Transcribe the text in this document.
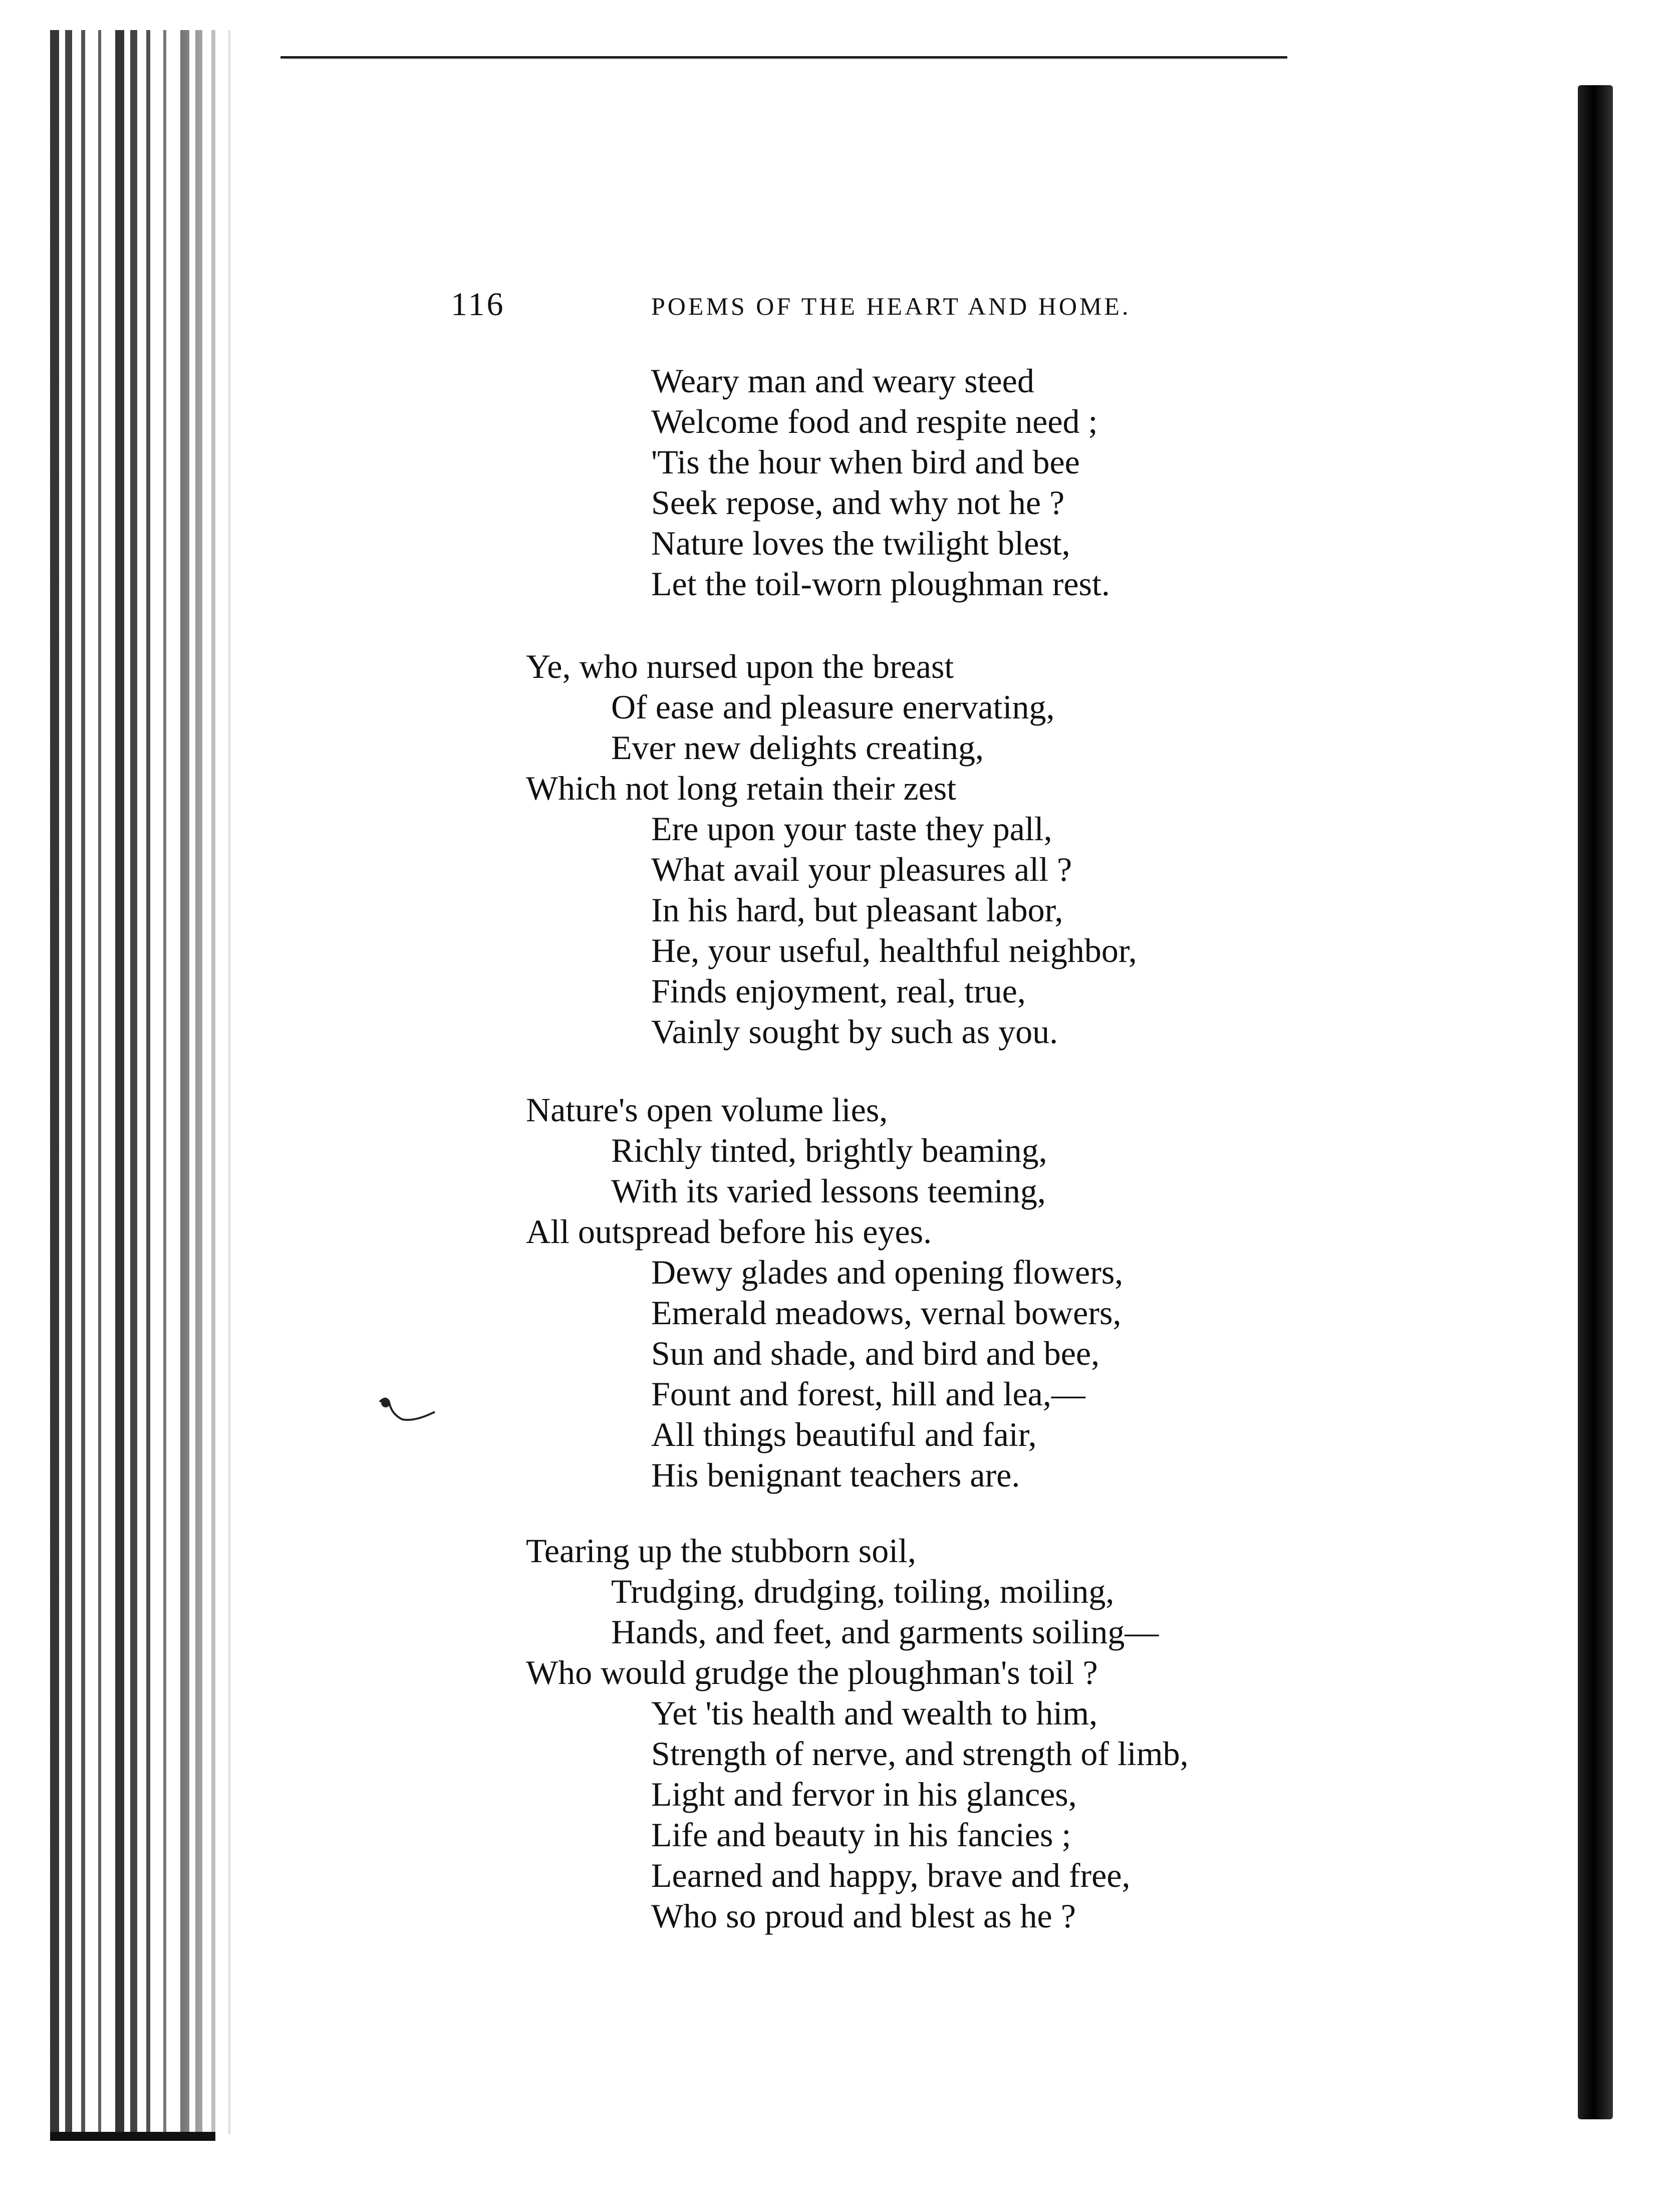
116	POEMS OF THE HEART AND HOME.
Weary man and weary steed
Welcome food and respite need ;
'Tis the hour when bird and bee
Seek repose, and why not he ?
Nature loves the twilight blest,
Let the toil-worn ploughman rest.
Ye, who nursed upon the breast
Of ease and pleasure enervating,
Ever new delights creating,
Which not long retain their zest
Ere upon your taste they pall,
What avail your pleasures all ?
In his hard, but pleasant labor,
He, your useful, healthful neighbor,
Finds enjoyment, real, true,
Vainly sought by such as you.
Nature's open volume lies,
Richly tinted, brightly beaming,
With its varied lessons teeming,
All outspread before his eyes.
Dewy glades and opening flowers,
Emerald meadows, vernal bowers,
Sun and shade, and bird and bee,
Fount and forest, hill and lea,—
All things beautiful and fair,
His benignant teachers are.
Tearing up the stubborn soil,
Trudging, drudging, toiling, moiling,
Hands, and feet, and garments soiling—
Who would grudge the ploughman's toil ?
Yet 'tis health and wealth to him,
Strength of nerve, and strength of limb,
Light and fervor in his glances,
Life and beauty in his fancies ;
Learned and happy, brave and free,
Who so proud and blest as he ?
